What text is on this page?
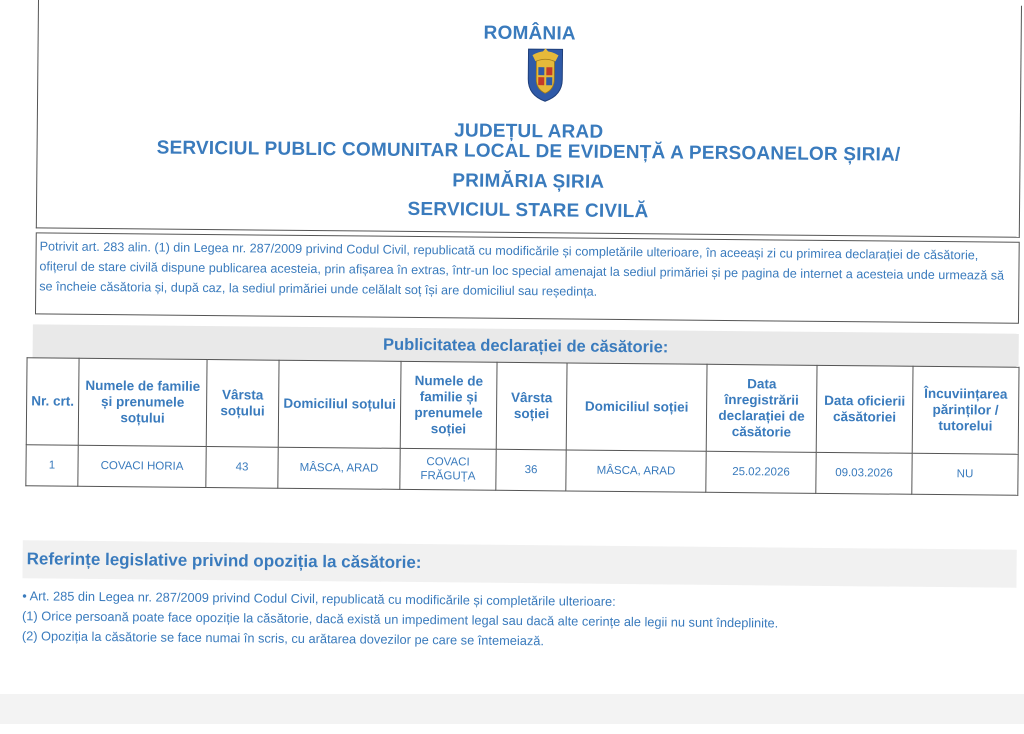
ROMÂNIA
JUDEȚUL ARAD
SERVICIUL PUBLIC COMUNITAR LOCAL DE EVIDENȚĂ A PERSOANELOR ȘIRIA/
PRIMĂRIA ȘIRIA
SERVICIUL STARE CIVILĂ
Potrivit art. 283 alin. (1) din Legea nr. 287/2009 privind Codul Civil, republicată cu modificările și completările ulterioare, în aceeași zi cu primirea declarației de căsătorie, ofițerul de stare civilă dispune publicarea acesteia, prin afișarea în extras, într-un loc special amenajat la sediul primăriei și pe pagina de internet a acesteia unde urmează să se încheie căsătoria și, după caz, la sediul primăriei unde celălalt soț își are domiciliul sau reședința.
Publicitatea declarației de căsătorie:
Nr. crt.	Numele de familie și prenumele soțului	Vârsta soțului	Domiciliul soțului	Numele de familie și prenumele soției	Vârsta soției	Domiciliul soției	Data înregistrării declarației de căsătorie	Data oficierii căsătoriei	Încuviințarea părinților / tutorelui
1	COVACI HORIA	43	MÂSCA, ARAD	COVACI FRĂGUȚA	36	MÂSCA, ARAD	25.02.2026	09.03.2026	NU
Referințe legislative privind opoziția la căsătorie:
• Art. 285 din Legea nr. 287/2009 privind Codul Civil, republicată cu modificările și completările ulterioare:
(1) Orice persoană poate face opoziție la căsătorie, dacă există un impediment legal sau dacă alte cerințe ale legii nu sunt îndeplinite.
(2) Opoziția la căsătorie se face numai în scris, cu arătarea dovezilor pe care se întemeiază.
